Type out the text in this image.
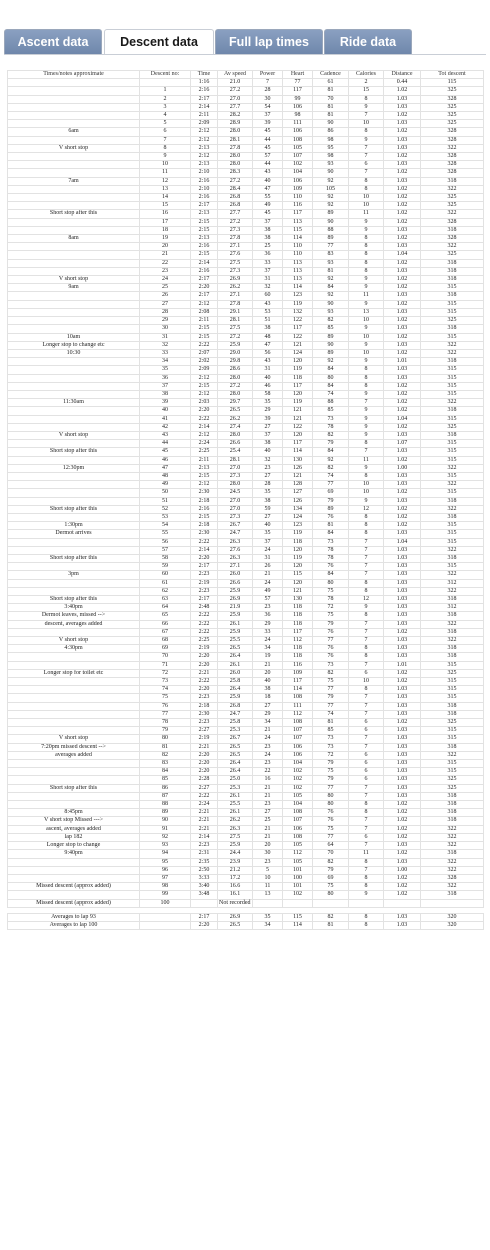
Ascent data	Descent data	Full lap times	Ride data
Times/notes approximate	Descent no:	Time	Av speed	Power	Heart	Cadence	Calories	Distance	Tot descent
		1:16	21.0	7	77	61	2	0.44	115
	1	2:16	27.2	28	117	81	15	1.02	325
	2	2:17	27.0	30	99	70	8	1.03	328
	3	2:14	27.7	54	106	81	9	1.03	325
	4	2:11	28.2	37	98	81	7	1.02	325
	5	2:09	28.9	39	111	90	10	1.03	325
6am	6	2:12	28.0	45	106	86	8	1.02	328
	7	2:12	28.1	44	108	98	9	1.03	328
V short stop	8	2:13	27.8	45	105	95	7	1.03	322
	9	2:12	28.0	57	107	98	7	1.02	328
	10	2:13	28.0	44	102	93	6	1.03	328
	11	2:10	28.3	43	104	90	7	1.02	328
7am	12	2:16	27.2	40	106	92	8	1.03	318
	13	2:10	28.4	47	109	105	8	1.02	322
	14	2:16	26.8	55	110	92	10	1.02	325
	15	2:17	26.8	49	116	92	10	1.02	325
Short stop after this	16	2:13	27.7	45	117	89	11	1.02	322
	17	2:15	27.2	37	113	90	9	1.02	328
	18	2:15	27.3	38	115	88	9	1.03	318
8am	19	2:13	27.8	38	114	89	8	1.02	328
	20	2:16	27.1	25	110	77	8	1.03	322
	21	2:15	27.6	36	110	83	8	1.04	325
	22	2:14	27.5	33	113	93	8	1.02	318
	23	2:16	27.3	37	113	81	8	1.03	318
V short stop	24	2:17	26.9	31	113	92	9	1.02	318
9am	25	2:20	26.2	32	114	84	9	1.02	315
	26	2:17	27.1	60	123	92	11	1.03	318
	27	2:12	27.8	43	119	90	9	1.02	315
	28	2:08	29.1	53	132	93	13	1.03	315
	29	2:11	28.1	51	122	82	10	1.02	325
	30	2:15	27.5	38	117	85	9	1.03	318
10am	31	2:15	27.2	48	122	89	10	1.02	315
Longer stop to change etc	32	2:22	25.9	47	121	90	9	1.03	322
10:30	33	2:07	29.0	56	124	89	10	1.02	322
	34	2:02	29.8	43	120	92	9	1.01	318
	35	2:09	28.6	31	119	84	8	1.03	315
	36	2:12	28.0	40	118	80	8	1.03	315
	37	2:15	27.2	46	117	84	8	1.02	315
	38	2:12	28.0	58	120	74	9	1.02	315
11:30am	39	2:03	29.7	35	119	88	7	1.02	322
	40	2:20	26.5	29	121	85	9	1.02	318
	41	2:22	26.2	39	121	73	9	1.04	315
	42	2:14	27.4	27	122	78	9	1.02	325
V short stop	43	2:12	28.0	37	120	82	9	1.03	318
	44	2:24	26.6	38	117	79	8	1.07	315
Short stop after this	45	2:25	25.4	40	114	84	7	1.03	315
	46	2:11	28.1	32	130	92	11	1.02	315
12:30pm	47	2:13	27.0	23	126	82	9	1.00	322
	48	2:15	27.3	27	121	74	8	1.03	315
	49	2:12	28.0	28	128	77	10	1.03	322
	50	2:30	24.5	35	127	69	10	1.02	315
	51	2:18	27.0	38	126	79	9	1.03	318
Short stop after this	52	2:16	27.0	59	134	89	12	1.02	322
	53	2:15	27.3	27	124	76	8	1.02	318
1:30pm	54	2:18	26.7	40	123	81	8	1.02	315
Dermot arrives	55	2:30	24.7	35	119	84	8	1.03	315
	56	2:22	26.3	37	118	73	7	1.04	315
	57	2:14	27.6	24	120	78	7	1.03	322
Short stop after this	58	2:20	26.3	31	119	78	7	1.03	318
	59	2:17	27.1	26	120	76	7	1.03	315
3pm	60	2:23	26.0	21	115	84	7	1.03	322
	61	2:19	26.6	24	120	80	8	1.03	312
	62	2:23	25.9	49	121	75	8	1.03	322
Short stop after this	63	2:17	26.9	57	130	78	12	1.03	318
3:40pm	64	2:48	21.9	23	118	72	9	1.03	312
Dermot leaves, missed -->	65	2:22	25.9	36	118	75	8	1.03	318
descent, averages added	66	2:22	26.1	29	118	79	7	1.03	322
	67	2:22	25.9	33	117	76	7	1.02	318
V short stop	68	2:25	25.5	24	112	77	7	1.03	322
4:30pm	69	2:19	26.5	34	118	76	8	1.03	318
	70	2:20	26.4	19	118	76	8	1.03	318
	71	2:20	26.1	21	116	73	7	1.01	315
Longer stop for toilet etc	72	2:21	26.0	20	109	82	6	1.02	325
	73	2:22	25.8	40	117	75	10	1.02	315
	74	2:20	26.4	38	114	77	8	1.03	315
	75	2:23	25.9	18	108	79	7	1.03	315
	76	2:18	26.8	27	111	77	7	1.03	318
	77	2:30	24.7	29	112	74	7	1.03	318
	78	2:23	25.8	34	108	81	6	1.02	325
	79	2:27	25.3	21	107	85	6	1.03	315
V short stop	80	2:19	26.7	24	107	73	7	1.03	315
7:20pm missed descent -->	81	2:21	26.5	23	106	73	7	1.03	318
averages added	82	2:20	26.5	24	106	72	6	1.03	322
	83	2:20	26.4	23	104	79	6	1.03	315
	84	2:20	26.4	22	102	75	6	1.03	315
	85	2:28	25.0	16	102	79	6	1.03	325
Short stop after this	86	2:27	25.3	21	102	77	7	1.03	325
	87	2:22	26.1	21	105	80	7	1.03	318
	88	2:24	25.5	23	104	80	8	1.02	318
8:45pm	89	2:21	26.1	27	108	76	8	1.02	318
V short stop Missed --->	90	2:21	26.2	25	107	76	7	1.02	318
ascent, averages added	91	2:21	26.3	21	106	75	7	1.02	322
lap 182	92	2:14	27.5	21	108	77	6	1.02	322
Longer stop to change	93	2:23	25.9	20	105	64	7	1.03	322
9:40pm	94	2:31	24.4	30	112	70	11	1.02	318
	95	2:35	23.9	23	105	82	8	1.03	322
	96	2:50	21.2	5	101	79	7	1.00	322
	97	3:33	17.2	10	100	69	8	1.02	328
Missed descent (approx added)	98	3:40	16.6	11	101	75	8	1.02	322
	99	3:48	16.1	13	102	80	9	1.02	318
Missed descent (approx added)	100		Not recorded						

Averages to lap 93		2:17	26.9	35	115	82	8	1.03	320
Averages to lap 100		2:20	26.5	34	114	81	8	1.03	320
